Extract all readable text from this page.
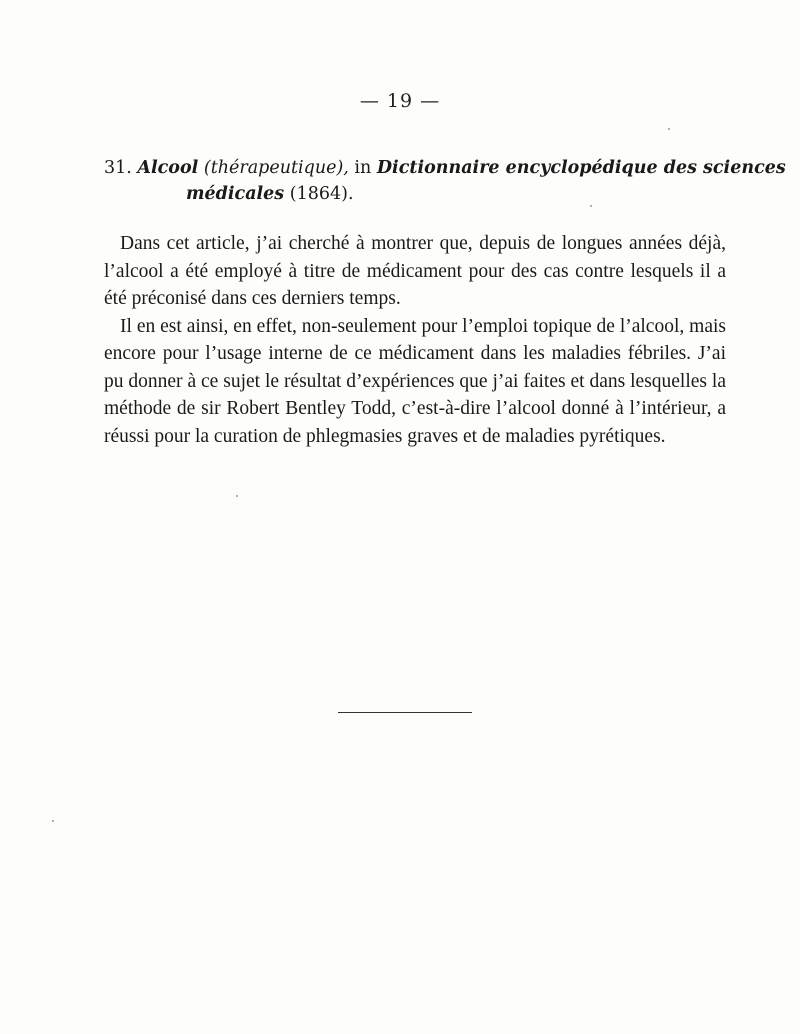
— 19 —
31. Alcool (thérapeutique), in Dictionnaire encyclopédique des sciences
médicales (1864).

Dans cet article, j’ai cherché à montrer que, depuis de longues années déjà, l’alcool a été employé à titre de médicament pour des cas contre lesquels il a été préconisé dans ces derniers temps.

Il en est ainsi, en effet, non-seulement pour l’emploi topique de l’alcool, mais encore pour l’usage interne de ce médicament dans les maladies fébriles. J’ai pu donner à ce sujet le résultat d’expériences que j’ai faites et dans lesquelles la méthode de sir Robert Bentley Todd, c’est-à-dire l’alcool donné à l’intérieur, a réussi pour la curation de phlegmasies graves et de maladies pyrétiques.
